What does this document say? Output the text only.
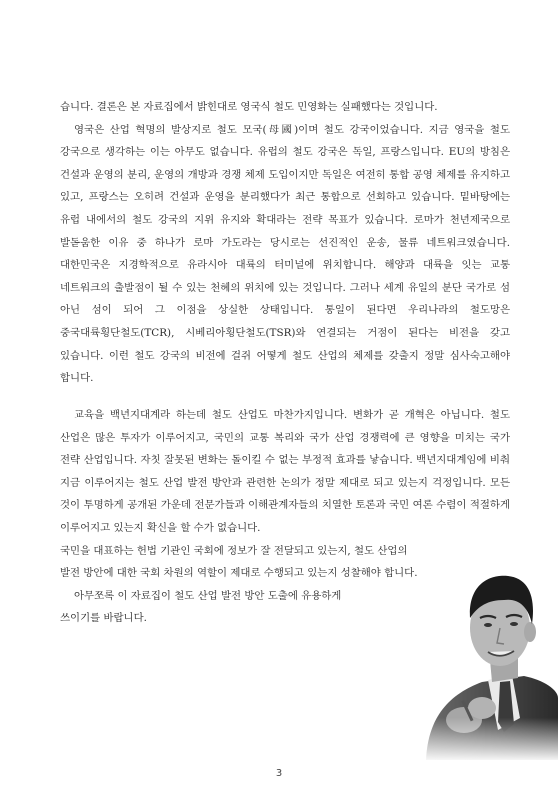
습니다. 결론은 본 자료집에서 밝힌대로 영국식 철도 민영화는 실패했다는 것입니다.

영국은 산업 혁명의 발상지로 철도 모국(母國)이며 철도 강국이었습니다. 지금 영국을 철도 강국으로 생각하는 이는 아무도 없습니다. 유럽의 철도 강국은 독일, 프랑스입니다. EU의 방침은 건설과 운영의 분리, 운영의 개방과 경쟁 체제 도입이지만 독일은 여전히 통합 공영 체제를 유지하고 있고, 프랑스는 오히려 건설과 운영을 분리했다가 최근 통합으로 선회하고 있습니다. 밑바탕에는 유럽 내에서의 철도 강국의 지위 유지와 확대라는 전략 목표가 있습니다. 로마가 천년제국으로 발돋움한 이유 중 하나가 로마 가도라는 당시로는 선진적인 운송, 물류 네트워크였습니다. 대한민국은 지경학적으로 유라시아 대륙의 터미널에 위치합니다. 해양과 대륙을 잇는 교통 네트워크의 출발점이 될 수 있는 천혜의 위치에 있는 것입니다. 그러나 세계 유일의 분단 국가로 섬 아닌 섬이 되어 그 이점을 상실한 상태입니다. 통일이 된다면 우리나라의 철도망은 중국대륙횡단철도(TCR), 시베리아횡단철도(TSR)와 연결되는 거점이 된다는 비전을 갖고 있습니다. 이런 철도 강국의 비전에 걸쥐 어떻게 철도 산업의 체제를 갖출지 정말 심사숙고해야 합니다.

교육을 백년지대계라 하는데 철도 산업도 마찬가지입니다. 변화가 곧 개혁은 아닙니다. 철도 산업은 많은 투자가 이루어지고, 국민의 교통 복리와 국가 산업 경쟁력에 큰 영향을 미치는 국가 전략 산업입니다. 자칫 잘못된 변화는 돌이킬 수 없는 부정적 효과를 낳습니다. 백년지대계임에 비춰 지금 이루어지는 철도 산업 발전 방안과 관련한 논의가 정말 제대로 되고 있는지 걱정입니다. 모든 것이 투명하게 공개된 가운데 전문가들과 이해관계자들의 치열한 토론과 국민 여론 수렴이 적절하게 이루어지고 있는지 확신을 할 수가 없습니다.

국민을 대표하는 헌법 기관인 국회에 정보가 잘 전달되고 있는지, 철도 산업의

발전 방안에 대한 국회 차원의 역할이 제대로 수행되고 있는지 성찰해야 합니다.

아무쪼록 이 자료집이 철도 산업 발전 방안 도출에 유용하게

쓰이기를 바랍니다.

3
